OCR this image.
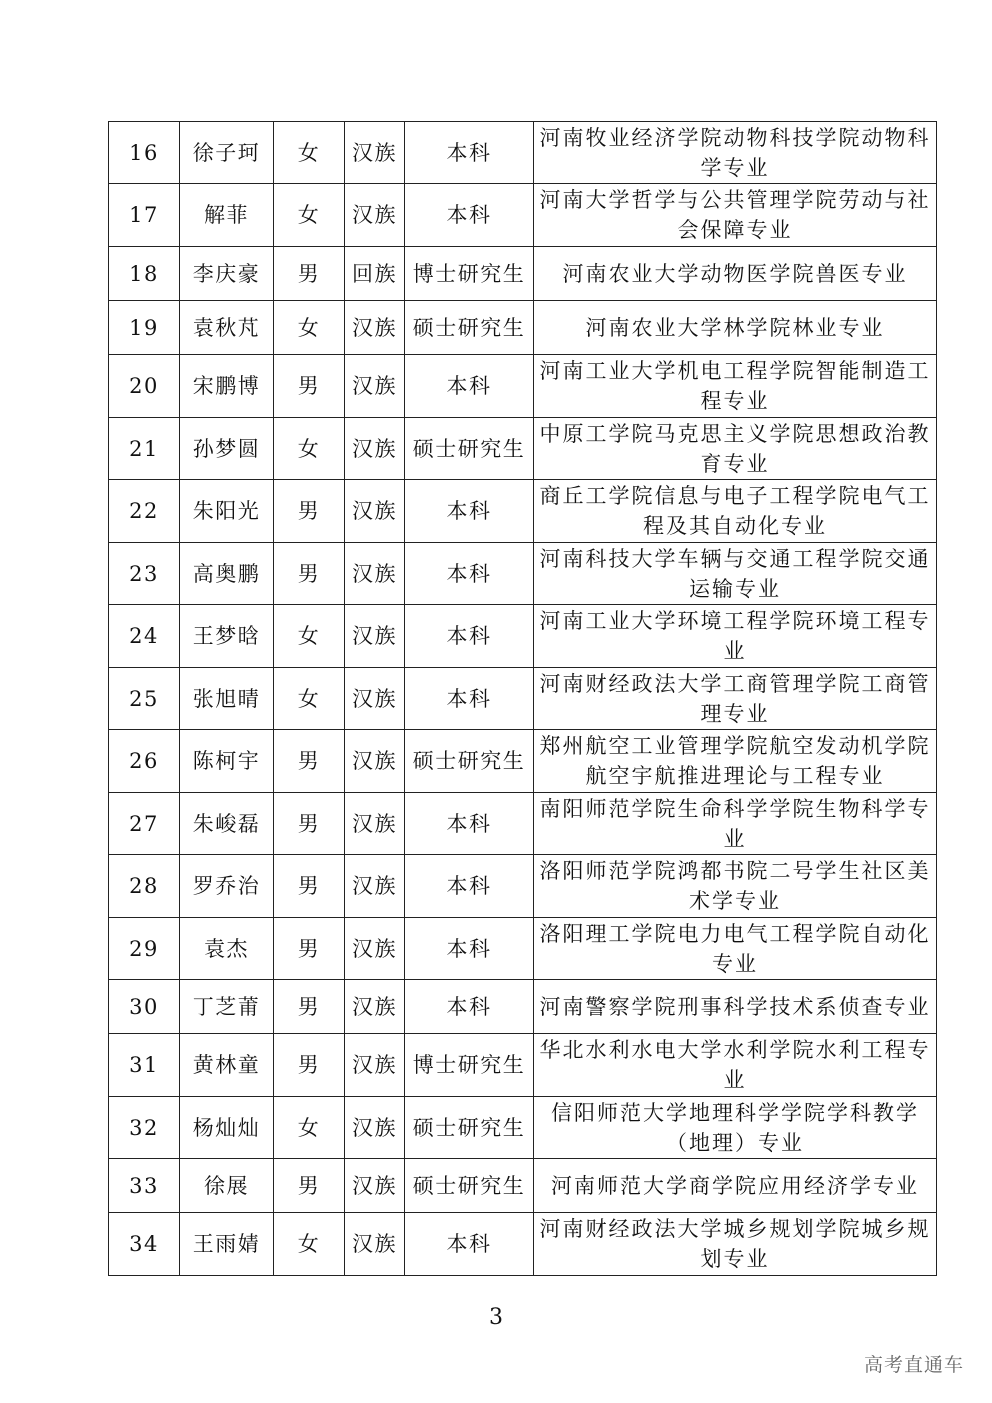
16	徐子珂	女	汉族	本科	河南牧业经济学院动物科技学院动物科学专业
17	解菲	女	汉族	本科	河南大学哲学与公共管理学院劳动与社会保障专业
18	李庆豪	男	回族	博士研究生	河南农业大学动物医学院兽医专业
19	袁秋芃	女	汉族	硕士研究生	河南农业大学林学院林业专业
20	宋鹏博	男	汉族	本科	河南工业大学机电工程学院智能制造工程专业
21	孙梦圆	女	汉族	硕士研究生	中原工学院马克思主义学院思想政治教育专业
22	朱阳光	男	汉族	本科	商丘工学院信息与电子工程学院电气工程及其自动化专业
23	高奥鹏	男	汉族	本科	河南科技大学车辆与交通工程学院交通运输专业
24	王梦晗	女	汉族	本科	河南工业大学环境工程学院环境工程专业
25	张旭晴	女	汉族	本科	河南财经政法大学工商管理学院工商管理专业
26	陈柯宇	男	汉族	硕士研究生	郑州航空工业管理学院航空发动机学院航空宇航推进理论与工程专业
27	朱峻磊	男	汉族	本科	南阳师范学院生命科学学院生物科学专业
28	罗乔治	男	汉族	本科	洛阳师范学院鸿都书院二号学生社区美术学专业
29	袁杰	男	汉族	本科	洛阳理工学院电力电气工程学院自动化专业
30	丁芝莆	男	汉族	本科	河南警察学院刑事科学技术系侦查专业
31	黄林童	男	汉族	博士研究生	华北水利水电大学水利学院水利工程专业
32	杨灿灿	女	汉族	硕士研究生	信阳师范大学地理科学学院学科教学（地理）专业
33	徐展	男	汉族	硕士研究生	河南师范大学商学院应用经济学专业
34	王雨婧	女	汉族	本科	河南财经政法大学城乡规划学院城乡规划专业
3
高考直通车
